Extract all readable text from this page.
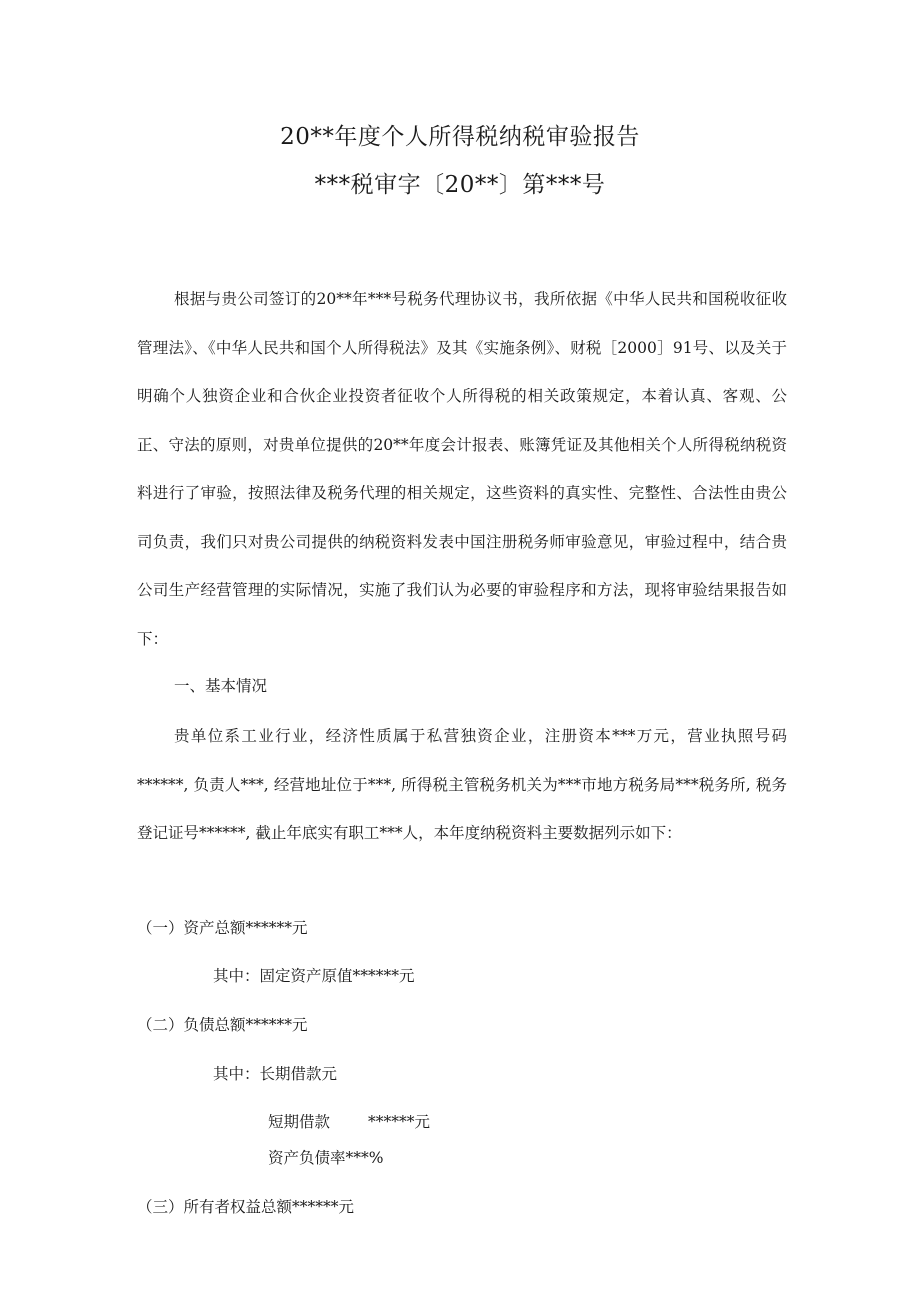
20**年度个人所得税纳税审验报告
***税审字〔20**〕第***号

根据与贵公司签订的20**年***号税务代理协议书，我所依据《中华人民共和国税收征收管理法》、《中华人民共和国个人所得税法》及其《实施条例》、财税［2000］91号、以及关于明确个人独资企业和合伙企业投资者征收个人所得税的相关政策规定，本着认真、客观、公正、守法的原则，对贵单位提供的20**年度会计报表、账簿凭证及其他相关个人所得税纳税资料进行了审验，按照法律及税务代理的相关规定，这些资料的真实性、完整性、合法性由贵公司负责，我们只对贵公司提供的纳税资料发表中国注册税务师审验意见，审验过程中，结合贵公司生产经营管理的实际情况，实施了我们认为必要的审验程序和方法，现将审验结果报告如下：

一、基本情况

贵单位系工业行业，经济性质属于私营独资企业，注册资本***万元，营业执照号码******, 负责人***, 经营地址位于***, 所得税主管税务机关为***市地方税务局***税务所, 税务登记证号******, 截止年底实有职工***人，本年度纳税资料主要数据列示如下：

（一）资产总额******元

其中：固定资产原值******元

（二）负债总额******元

其中：长期借款元

短期借款 ******元

资产负债率***%

（三）所有者权益总额******元
